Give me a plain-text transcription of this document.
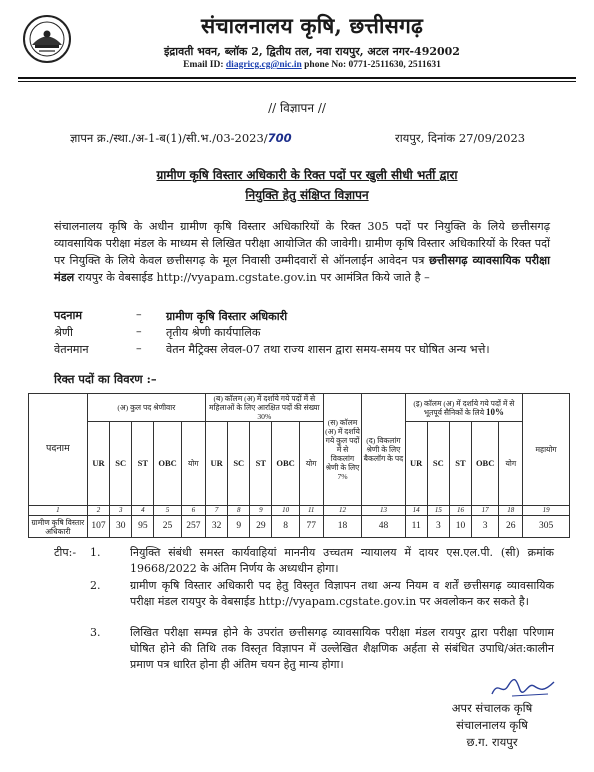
संचालनालय कृषि, छत्तीसगढ़
इंद्रावती भवन, ब्लॉक 2, द्वितीय तल, नवा रायपुर, अटल नगर-492002
Email ID: diagricg.cg@nic.in phone No: 0771-2511630, 2511631
// विज्ञापन //
ज्ञापन क्र./स्था./अ-1-ब(1)/सी.भ./03-2023/700	रायपुर, दिनांक 27/09/2023
ग्रामीण कृषि विस्तार अधिकारी के रिक्त पदों पर खुली सीधी भर्ती द्वारा
नियुक्ति हेतु संक्षिप्त विज्ञापन
संचालनालय कृषि के अधीन ग्रामीण कृषि विस्तार अधिकारियों के रिक्त 305 पदों पर नियुक्ति के लिये छत्तीसगढ़ व्यावसायिक परीक्षा मंडल के माध्यम से लिखित परीक्षा आयोजित की जावेगी। ग्रामीण कृषि विस्तार अधिकारियों के रिक्त पदों पर नियुक्ति के लिये केवल छत्तीसगढ़ के मूल निवासी उम्मीदवारों से ऑनलाईन आवेदन पत्र छत्तीसगढ़ व्यावसायिक परीक्षा मंडल रायपुर के वेबसाईड http://vyapam.cgstate.gov.in पर आमंत्रित किये जाते है –
पदनाम	– ग्रामीण कृषि विस्तार अधिकारी
श्रेणी	– तृतीय श्रेणी कार्यपालिक
वेतनमान	– वेतन मैट्रिक्स लेवल-07 तथा राज्य शासन द्वारा समय-समय पर घोषित अन्य भत्ते।
रिक्त पदों का विवरण :–
पदनाम	(अ) कुल पद श्रेणीवार					(ब) कॉलम (अ) में दर्शाये गये पदों में से महिलाओं के लिए आरक्षित पदों की संख्या 30%					(स) कॉलम (अ) में दर्शाये गये कुल पदों में से विकलांग श्रेणी के लिए 7%	(द) विकलांग श्रेणी के लिए बैकलॉग के पद	(इ) कॉलम (अ) में दर्शाये गये पदों में से भूतपूर्व सैनिकों के लिये 10%					महायोग
	UR	SC	ST	OBC	योग	UR	SC	ST	OBC	योग			UR	SC	ST	OBC	योग	
1	2	3	4	5	6	7	8	9	10	11	12	13	14	15	16	17	18	19
ग्रामीण कृषि विस्तार अधिकारी	107	30	95	25	257	32	9	29	8	77	18	48	11	3	10	3	26	305
टीप:- 1.	नियुक्ति संबंधी समस्त कार्यवाहियां माननीय उच्चतम न्यायालय में दायर एस.एल.पी. (सी) क्रमांक 19668/2022 के अंतिम निर्णय के अध्यधीन होगा।
2.	ग्रामीण कृषि विस्तार अधिकारी पद हेतु विस्तृत विज्ञापन तथा अन्य नियम व शर्तें छत्तीसगढ़ व्यावसायिक परीक्षा मंडल रायपुर के वेबसाईड http://vyapam.cgstate.gov.in पर अवलोकन कर सकते है।
3.	लिखित परीक्षा सम्पन्न होने के उपरांत छत्तीसगढ़ व्यावसायिक परीक्षा मंडल रायपुर द्वारा परीक्षा परिणाम घोषित होने की तिथि तक विस्तृत विज्ञापन में उल्लेखित शैक्षणिक अर्हता से संबंधित उपाधि/अंत:कालीन प्रमाण पत्र धारित होना ही अंतिम चयन हेतु मान्य होगा।
अपर संचालक कृषि
संचालनालय कृषि
छ.ग. रायपुर
